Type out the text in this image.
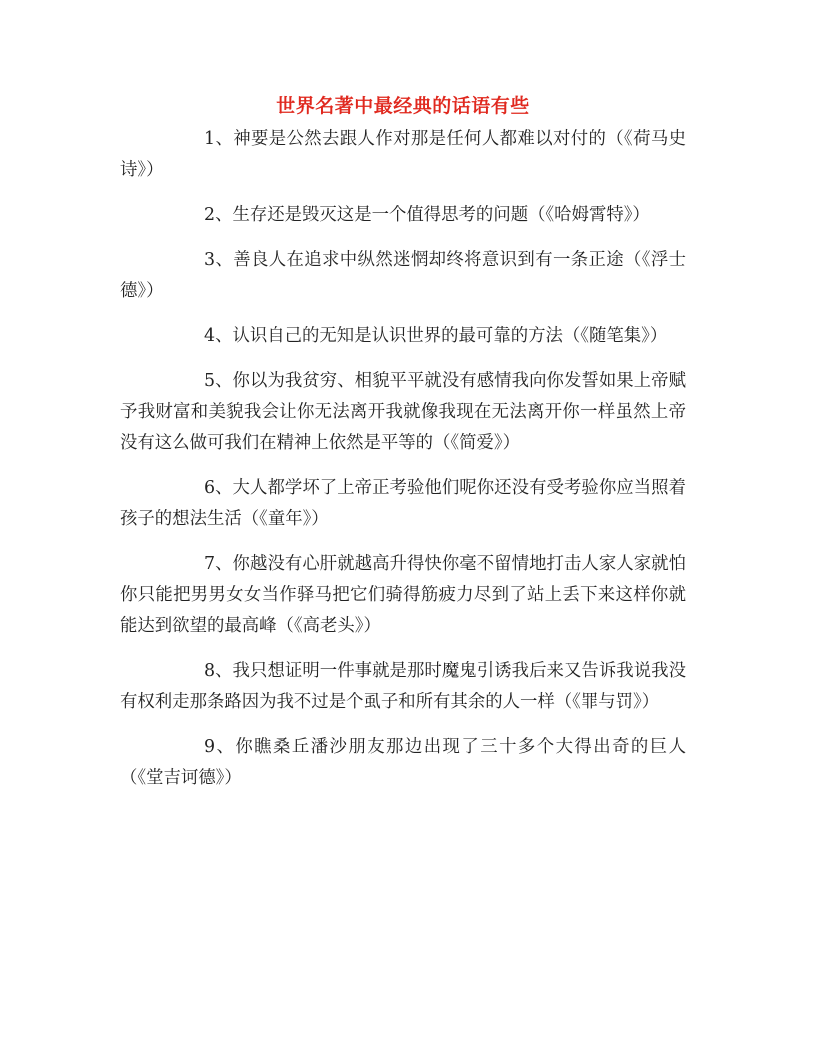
世界名著中最经典的话语有些

1、神要是公然去跟人作对那是任何人都难以对付的（《荷马史诗》）

2、生存还是毁灭这是一个值得思考的问题（《哈姆霄特》）

3、善良人在追求中纵然迷惘却终将意识到有一条正途（《浮士德》）

4、认识自己的无知是认识世界的最可靠的方法（《随笔集》）

5、你以为我贫穷、相貌平平就没有感情我向你发誓如果上帝赋予我财富和美貌我会让你无法离开我就像我现在无法离开你一样虽然上帝没有这么做可我们在精神上依然是平等的（《简爱》）

6、大人都学坏了上帝正考验他们呢你还没有受考验你应当照着孩子的想法生活（《童年》）

7、你越没有心肝就越高升得快你毫不留情地打击人家人家就怕你只能把男男女女当作驿马把它们骑得筋疲力尽到了站上丢下来这样你就能达到欲望的最高峰（《高老头》）

8、我只想证明一件事就是那时魔鬼引诱我后来又告诉我说我没有权利走那条路因为我不过是个虱子和所有其余的人一样（《罪与罚》）

9、你瞧桑丘潘沙朋友那边出现了三十多个大得出奇的巨人（《堂吉诃德》）
